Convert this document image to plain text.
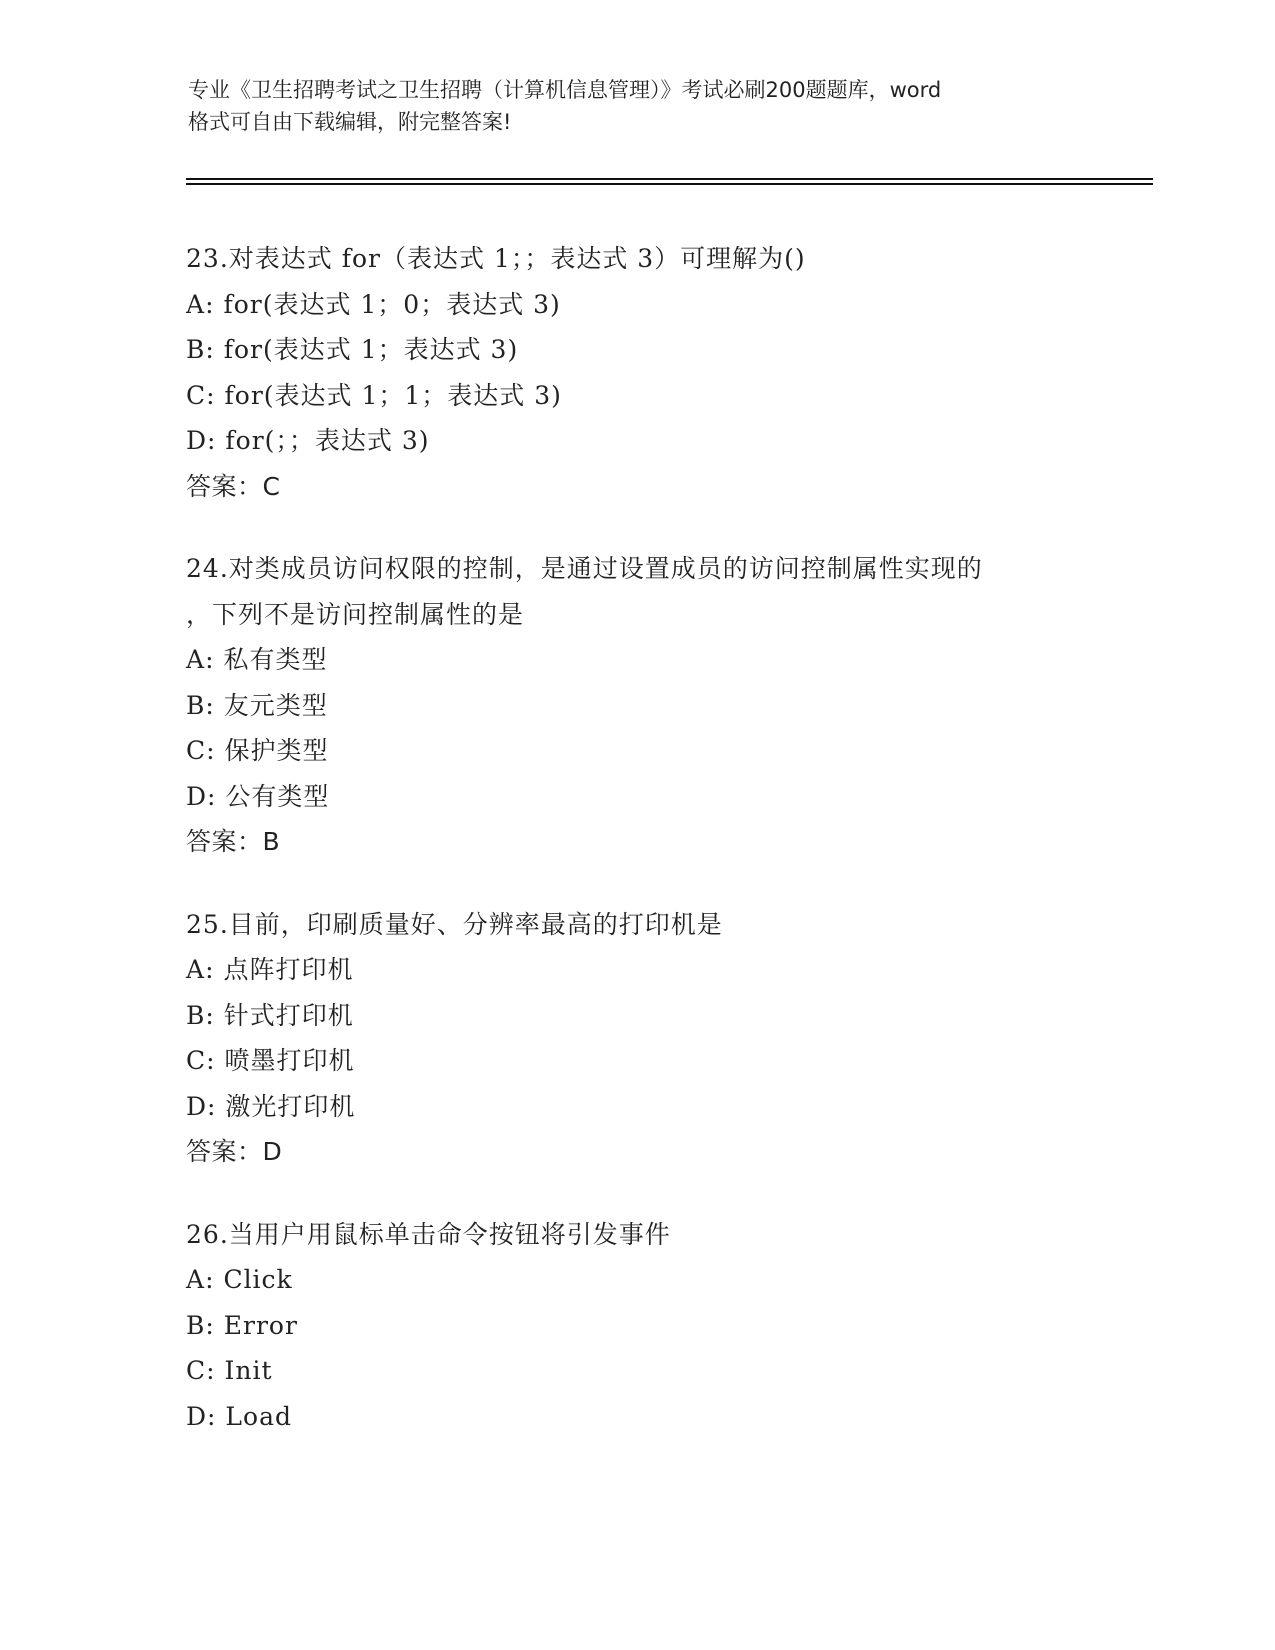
专业《卫生招聘考试之卫生招聘（计算机信息管理）》考试必刷200题题库，word
格式可自由下载编辑，附完整答案!

23 . 对表达式 for（表达式 1；；表达式 3）可理解为()

A : for(表达式 1；0；表达式 3)

B : for(表达式 1；表达式 3)

C : for(表达式 1；1；表达式 3)

D : for(；；表达式 3)

答案 ： C

24 . 对类成员访问权限的控制，是通过设置成员的访问控制属性实现的

，下列不是访问控制属性的是

A : 私有类型

B : 友元类型

C : 保护类型

D : 公有类型

答案 ： B

25 . 目前，印刷质量好、分辨率最高的打印机是

A : 点阵打印机

B : 针式打印机

C : 喷墨打印机

D : 激光打印机

答案 ： D

26 . 当用户用鼠标单击命令按钮将引发事件

A : Click

B : Error

C : Init

D : Load
